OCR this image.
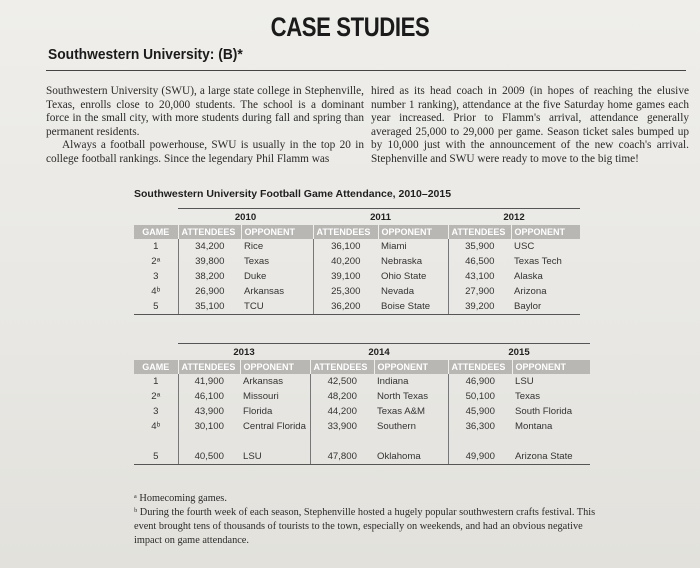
CASE STUDIES
Southwestern University: (B)*

Southwestern University (SWU), a large state college in Stephenville, Texas, enrolls close to 20,000 students. The school is a dominant force in the small city, with more students during fall and spring than permanent residents.

Always a football powerhouse, SWU is usually in the top 20 in college football rankings. Since the legendary Phil Flamm was

hired as its head coach in 2009 (in hopes of reaching the elusive number 1 ranking), attendance at the five Saturday home games each year increased. Prior to Flamm's arrival, attendance generally averaged 25,000 to 29,000 per game. Season ticket sales bumped up by 10,000 just with the announcement of the new coach's arrival. Stephenville and SWU were ready to move to the big time!

Southwestern University Football Game Attendance, 2010–2015
	2010		2011		2012	
GAME	ATTENDEES	OPPONENT	ATTENDEES	OPPONENT	ATTENDEES	OPPONENT
1	34,200	Rice	36,100	Miami	35,900	USC
2ᵃ	39,800	Texas	40,200	Nebraska	46,500	Texas Tech
3	38,200	Duke	39,100	Ohio State	43,100	Alaska
4ᵇ	26,900	Arkansas	25,300	Nevada	27,900	Arizona
5	35,100	TCU	36,200	Boise State	39,200	Baylor
	2013		2014		2015	
GAME	ATTENDEES	OPPONENT	ATTENDEES	OPPONENT	ATTENDEES	OPPONENT
1	41,900	Arkansas	42,500	Indiana	46,900	LSU
2ᵃ	46,100	Missouri	48,200	North Texas	50,100	Texas
3	43,900	Florida	44,200	Texas A&M	45,900	South Florida
4ᵇ	30,100	Central Florida	33,900	Southern	36,300	Montana
5	40,500	LSU	47,800	Oklahoma	49,900	Arizona State

ᵃ Homecoming games.

ᵇ During the fourth week of each season, Stephenville hosted a hugely popular southwestern crafts festival. This event brought tens of thousands of tourists to the town, especially on weekends, and had an obvious negative impact on game attendance.
